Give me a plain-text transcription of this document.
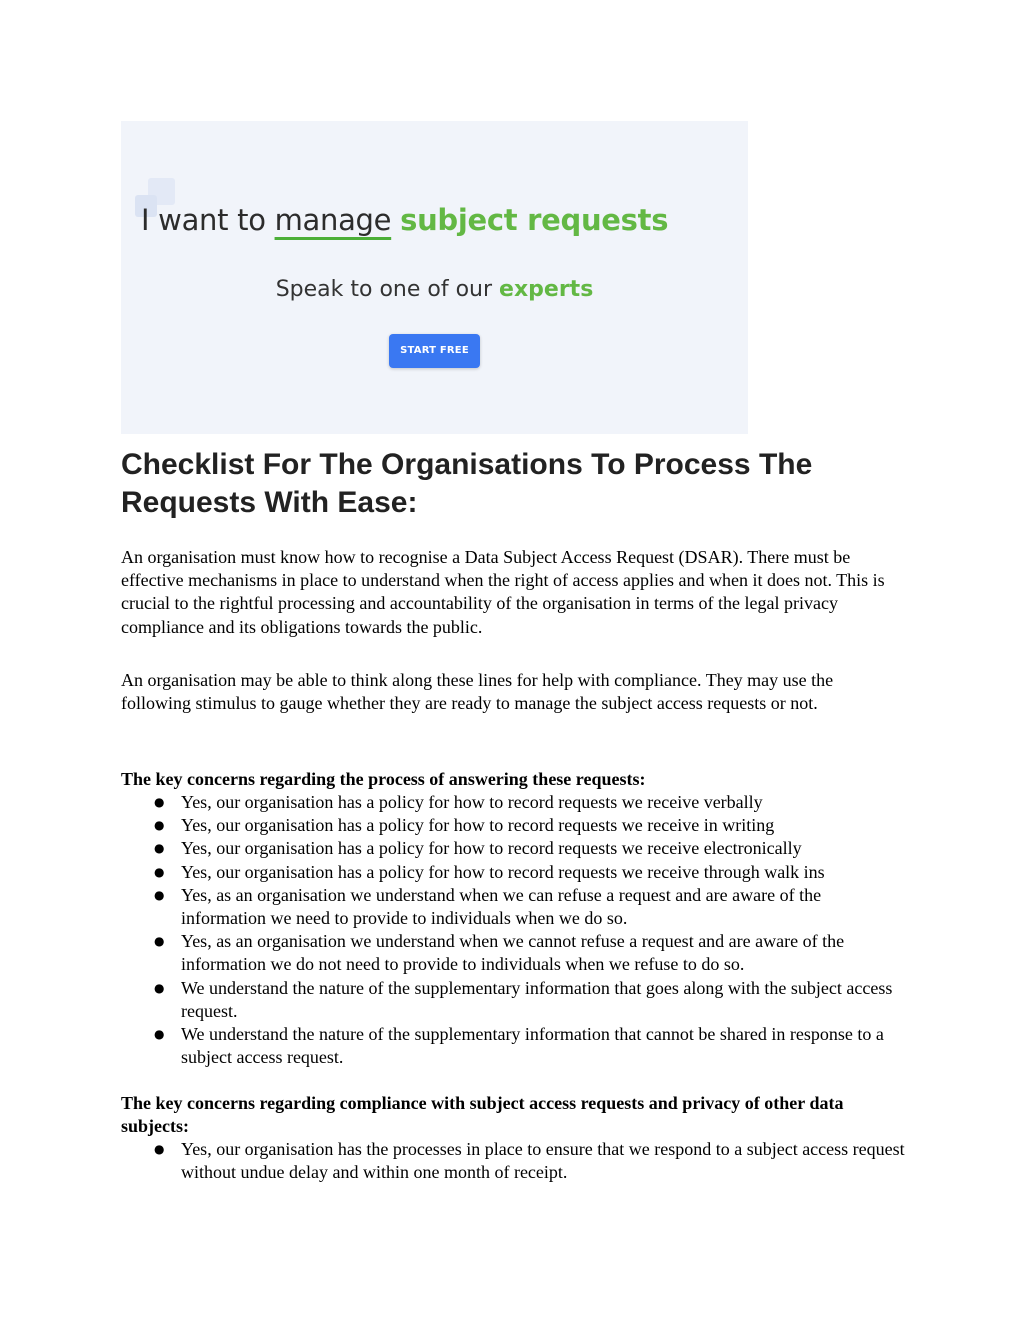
I want to manage subject requests
Speak to one of our experts
START FREE
Checklist For The Organisations To Process The Requests With Ease:

An organisation must know how to recognise a Data Subject Access Request (DSAR). There must be effective mechanisms in place to understand when the right of access applies and when it does not. This is crucial to the rightful processing and accountability of the organisation in terms of the legal privacy compliance and its obligations towards the public.

An organisation may be able to think along these lines for help with compliance. They may use the following stimulus to gauge whether they are ready to manage the subject access requests or not.

The key concerns regarding the process of answering these requests:

● Yes, our organisation has a policy for how to record requests we receive verbally
● Yes, our organisation has a policy for how to record requests we receive in writing
● Yes, our organisation has a policy for how to record requests we receive electronically
● Yes, our organisation has a policy for how to record requests we receive through walk ins
● Yes, as an organisation we understand when we can refuse a request and are aware of the information we need to provide to individuals when we do so.
● Yes, as an organisation we understand when we cannot refuse a request and are aware of the information we do not need to provide to individuals when we refuse to do so.
● We understand the nature of the supplementary information that goes along with the subject access request.
● We understand the nature of the supplementary information that cannot be shared in response to a subject access request.

The key concerns regarding compliance with subject access requests and privacy of other data subjects:

● Yes, our organisation has the processes in place to ensure that we respond to a subject access request without undue delay and within one month of receipt.
